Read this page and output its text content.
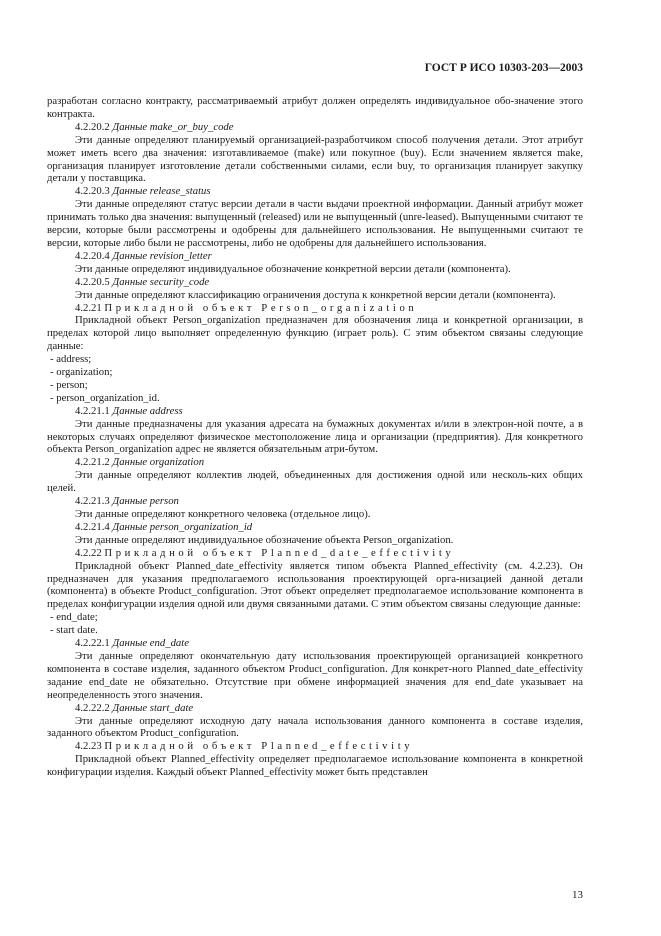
ГОСТ Р ИСО 10303-203—2003
разработан согласно контракту, рассматриваемый атрибут должен определять индивидуальное обо-значение этого контракта.
4.2.20.2 Данные make_or_buy_code
Эти данные определяют планируемый организацией-разработчиком способ получения детали. Этот атрибут может иметь всего два значения: изготавливаемое (make) или покупное (buy). Если значением является make, организация планирует изготовление детали собственными силами, если buy, то организация планирует закупку детали у поставщика.
4.2.20.3 Данные release_status
Эти данные определяют статус версии детали в части выдачи проектной информации. Данный атрибут может принимать только два значения: выпущенный (released) или не выпущенный (unre-leased). Выпущенными считают те версии, которые были рассмотрены и одобрены для дальнейшего использования. Не выпущенными считают те версии, которые либо были не рассмотрены, либо не одобрены для дальнейшего использования.
4.2.20.4 Данные revision_letter
Эти данные определяют индивидуальное обозначение конкретной версии детали (компонента).
4.2.20.5 Данные security_code
Эти данные определяют классификацию ограничения доступа к конкретной версии детали (компонента).
4.2.21 Прикладной объект Person_organization
Прикладной объект Person_organization предназначен для обозначения лица и конкретной организации, в пределах которой лицо выполняет определенную функцию (играет роль). С этим объектом связаны следующие данные:
- address;
- organization;
- person;
- person_organization_id.
4.2.21.1 Данные address
Эти данные предназначены для указания адресата на бумажных документах и/или в электрон-ной почте, а в некоторых случаях определяют физическое местоположение лица и организации (предприятия). Для конкретного объекта Person_organization адрес не является обязательным атри-бутом.
4.2.21.2 Данные organization
Эти данные определяют коллектив людей, объединенных для достижения одной или несколь-ких общих целей.
4.2.21.3 Данные person
Эти данные определяют конкретного человека (отдельное лицо).
4.2.21.4 Данные person_organization_id
Эти данные определяют индивидуальное обозначение объекта Person_organization.
4.2.22 Прикладной объект Planned_date_effectivity
Прикладной объект Planned_date_effectivity является типом объекта Planned_effectivity (см. 4.2.23). Он предназначен для указания предполагаемого использования проектирующей орга-низацией данной детали (компонента) в объекте Product_configuration. Этот объект определяет предполагаемое использование компонента в пределах конфигурации изделия одной или двумя связанными датами. С этим объектом связаны следующие данные:
- end_date;
- start date.
4.2.22.1 Данные end_date
Эти данные определяют окончательную дату использования проектирующей организацией конкретного компонента в составе изделия, заданного объектом Product_configuration. Для конкрет-ного Planned_date_effectivity задание end_date не обязательно. Отсутствие при обмене информацией значения для end_date указывает на неопределенность этого значения.
4.2.22.2 Данные start_date
Эти данные определяют исходную дату начала использования данного компонента в составе изделия, заданного объектом Product_configuration.
4.2.23 Прикладной объект Planned_effectivity
Прикладной объект Planned_effectivity определяет предполагаемое использование компонента в конкретной конфигурации изделия. Каждый объект Planned_effectivity может быть представлен
13
